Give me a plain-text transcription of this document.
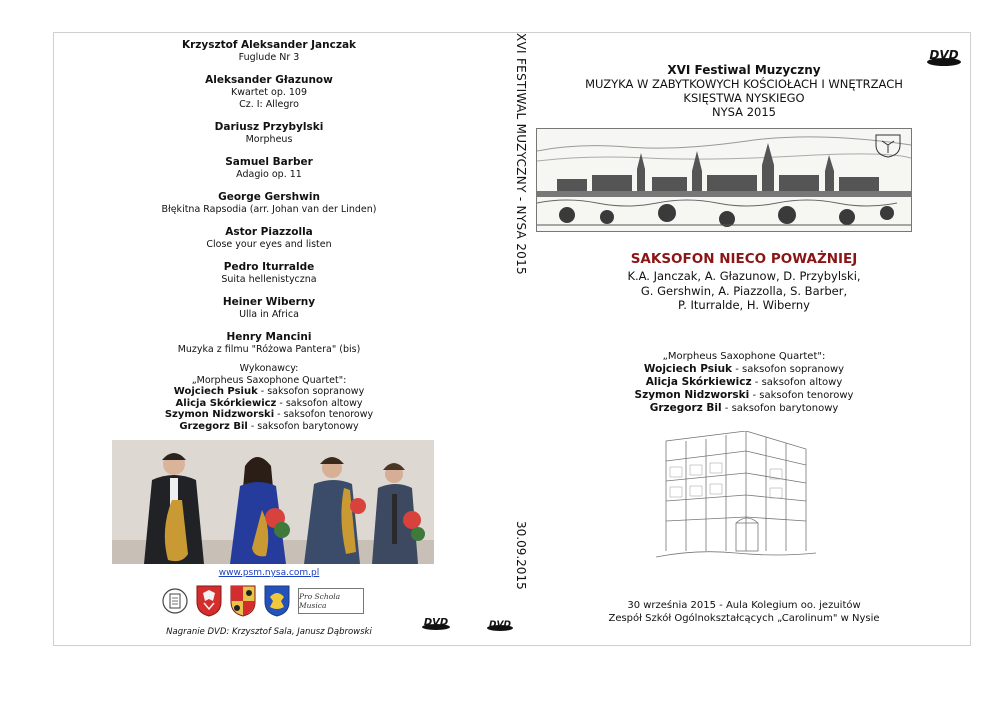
Krzysztof Aleksander Janczak
Fuglude Nr 3
Aleksander Głazunow
Kwartet op. 109
Cz. I: Allegro
Dariusz Przybylski
Morpheus
Samuel Barber
Adagio op. 11
George Gershwin
Błękitna Rapsodia (arr. Johan van der Linden)
Astor Piazzolla
Close your eyes and listen
Pedro Iturralde
Suita hellenistyczna
Heiner Wiberny
Ulla in Africa
Henry Mancini
Muzyka z filmu "Różowa Pantera" (bis)
Wykonawcy:
„Morpheus Saxophone Quartet":
Wojciech Psiuk - saksofon sopranowy
Alicja Skórkiewicz - saksofon altowy
Szymon Nidzworski - saksofon tenorowy
Grzegorz Bil - saksofon barytonowy
www.psm.nysa.com.pl
Pro Schola Musica
Nagranie DVD: Krzysztof Sala, Janusz Dąbrowski
DVD
XVI FESTIWAL MUZYCZNY - NYSA 2015
30.09.2015
DVD
DVD
XVI Festiwal Muzyczny
MUZYKA W ZABYTKOWYCH KOŚCIOŁACH I WNĘTRZACH
KSIĘSTWA NYSKIEGO
NYSA 2015
SAKSOFON NIECO POWAŻNIEJ
K.A. Janczak, A. Głazunow, D. Przybylski,
G. Gershwin, A. Piazzolla, S. Barber,
P. Iturralde, H. Wiberny
„Morpheus Saxophone Quartet":
Wojciech Psiuk - saksofon sopranowy
Alicja Skórkiewicz - saksofon altowy
Szymon Nidzworski - saksofon tenorowy
Grzegorz Bil - saksofon barytonowy
30 września 2015 - Aula Kolegium oo. jezuitów
Zespół Szkół Ogólnokształcących „Carolinum" w Nysie
